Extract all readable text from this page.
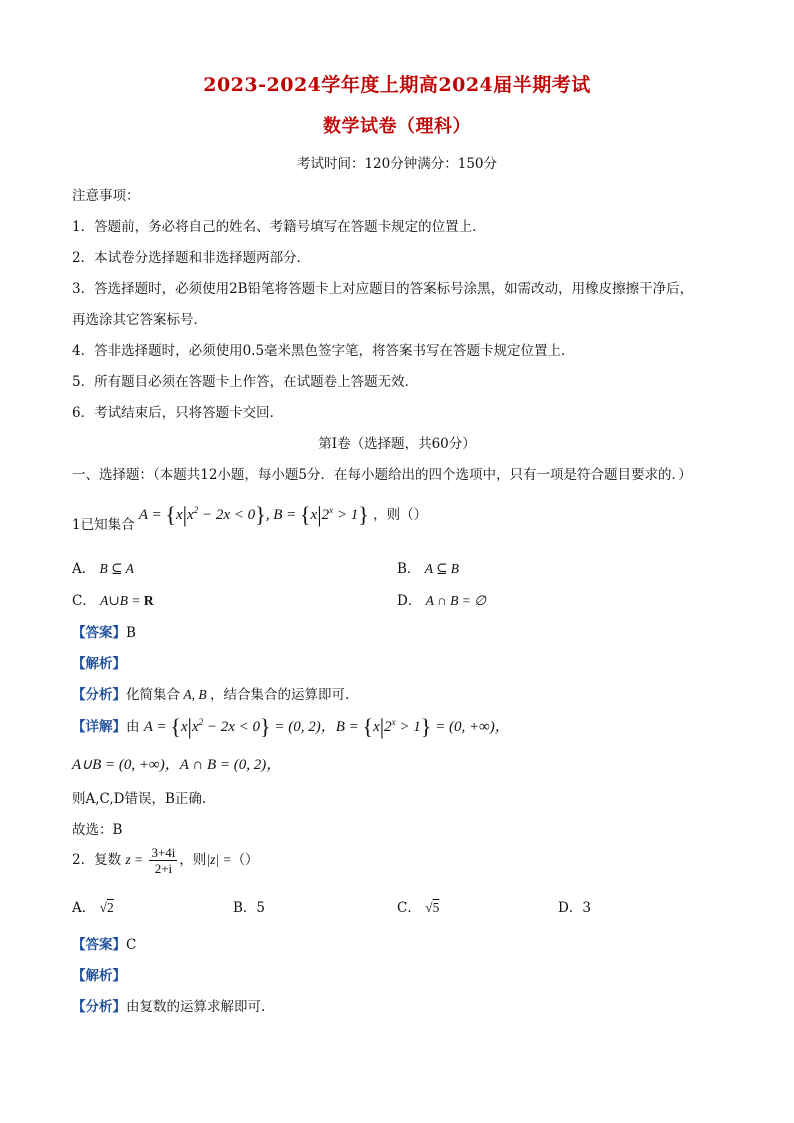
2023-2024学年度上期高2024届半期考试
数学试卷（理科）
考试时间：120分钟满分：150分
注意事项：
1．答题前，务必将自己的姓名、考籍号填写在答题卡规定的位置上．
2．本试卷分选择题和非选择题两部分．
3．答选择题时，必须使用2B铅笔将答题卡上对应题目的答案标号涂黑，如需改动，用橡皮擦擦干净后，
再选涂其它答案标号．
4．答非选择题时，必须使用0.5毫米黑色签字笔，将答案书写在答题卡规定位置上．
5．所有题目必须在答题卡上作答，在试题卷上答题无效．
6．考试结束后，只将答题卡交回．
第Ⅰ卷（选择题，共60分）
一、选择题：（本题共12小题，每小题5分．在每小题给出的四个选项中，只有一项是符合题目要求的．）
1已知集合 $A = \{x|x^2 - 2x < 0\}$, $B = \{x|2^x > 1\}$ ，则（）
A． B ⊆ A	B． A ⊆ B
C． A∪B = R	D． A ∩ B = ∅
【答案】B
【解析】
【分析】化简集合 A, B ，结合集合的运算即可.
【详解】由 $A = \{x|x^2 - 2x < 0\} = (0$, 2)，$B = \{x|2^x > 1\} = (0$, +∞)，
A∪B = (0, +∞)，A ∩ B = (0, 2)，
则A,C,D错误，B正确.
故选：B
2．复数 $z = \frac{3+4i}{2+i}$ ，则|z| =（）
A． √2	B．5	C． √5	D．3
【答案】C
【解析】
【分析】由复数的运算求解即可.
